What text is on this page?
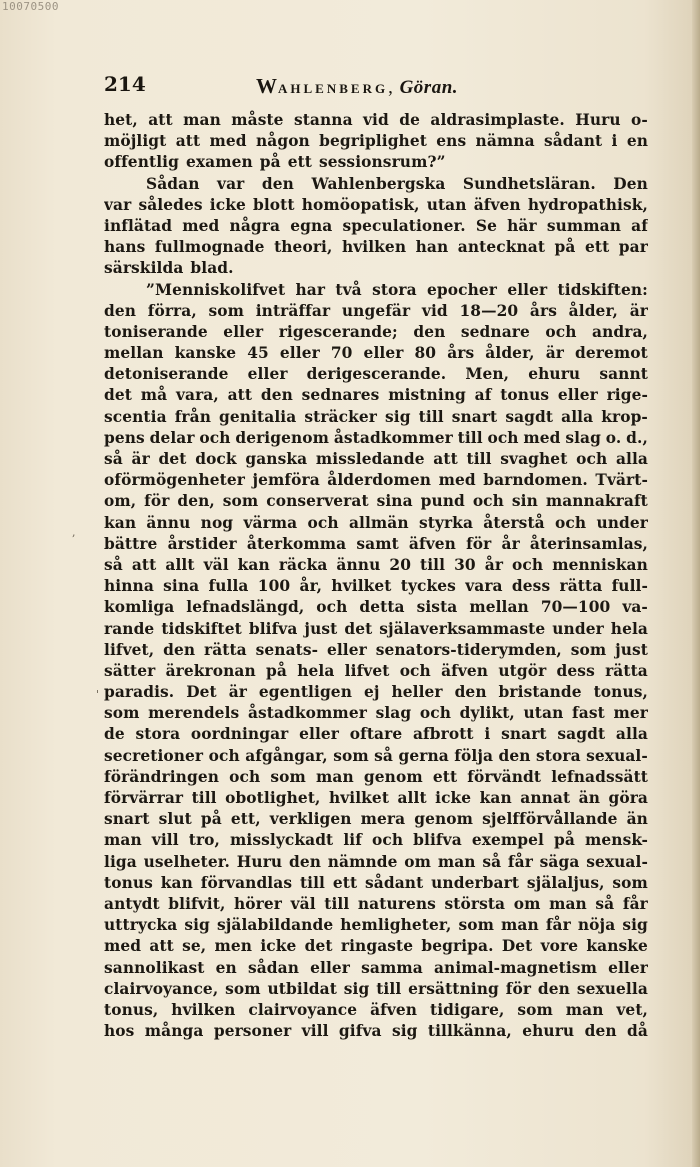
10070500
214	WAHLENBERG, Göran.
het, att man måste stanna vid de aldrasimplaste. Huru o-
möjligt att med någon begriplighet ens nämna sådant i en
offentlig examen på ett sessionsrum?”
Sådan var den Wahlenbergska Sundhetsläran. Den
var således icke blott homöopatisk, utan äfven hydropathisk,
inflätad med några egna speculationer. Se här summan af
hans fullmognade theori, hvilken han antecknat på ett par
särskilda blad.
”Menniskolifvet har två stora epocher eller tidskiften:
den förra, som inträffar ungefär vid 18—20 års ålder, är
toniserande eller rigescerande; den sednare och andra,
mellan kanske 45 eller 70 eller 80 års ålder, är deremot
detoniserande eller derigescerande. Men, ehuru sannt
det må vara, att den sednares mistning af tonus eller rige-
scentia från genitalia sträcker sig till snart sagdt alla krop-
pens delar och derigenom åstadkommer till och med slag o. d.,
så är det dock ganska missledande att till svaghet och alla
oförmögenheter jemföra ålderdomen med barndomen. Tvärt-
om, för den, som conserverat sina pund och sin mannakraft
kan ännu nog värma och allmän styrka återstå och under
bättre årstider återkomma samt äfven för år återinsamlas,
så att allt väl kan räcka ännu 20 till 30 år och menniskan
hinna sina fulla 100 år, hvilket tyckes vara dess rätta full-
komliga lefnadslängd, och detta sista mellan 70—100 va-
rande tidskiftet blifva just det själaverksammaste under hela
lifvet, den rätta senats- eller senators-tiderymden, som just
sätter ärekronan på hela lifvet och äfven utgör dess rätta
paradis. Det är egentligen ej heller den bristande tonus,
som merendels åstadkommer slag och dylikt, utan fast mer
de stora oordningar eller oftare afbrott i snart sagdt alla
secretioner och afgångar, som så gerna följa den stora sexual-
förändringen och som man genom ett förvändt lefnadssätt
förvärrar till obotlighet, hvilket allt icke kan annat än göra
snart slut på ett, verkligen mera genom sjelfförvållande än
man vill tro, misslyckadt lif och blifva exempel på mensk-
liga uselheter. Huru den nämnde om man så får säga sexual-
tonus kan förvandlas till ett sådant underbart själaljus, som
antydt blifvit, hörer väl till naturens största om man så får
uttrycka sig själabildande hemligheter, som man får nöja sig
med att se, men icke det ringaste begripa. Det vore kanske
sannolikast en sådan eller samma animal-magnetism eller
clairvoyance, som utbildat sig till ersättning för den sexuella
tonus, hvilken clairvoyance äfven tidigare, som man vet,
hos många personer vill gifva sig tillkänna, ehuru den då
,
'
